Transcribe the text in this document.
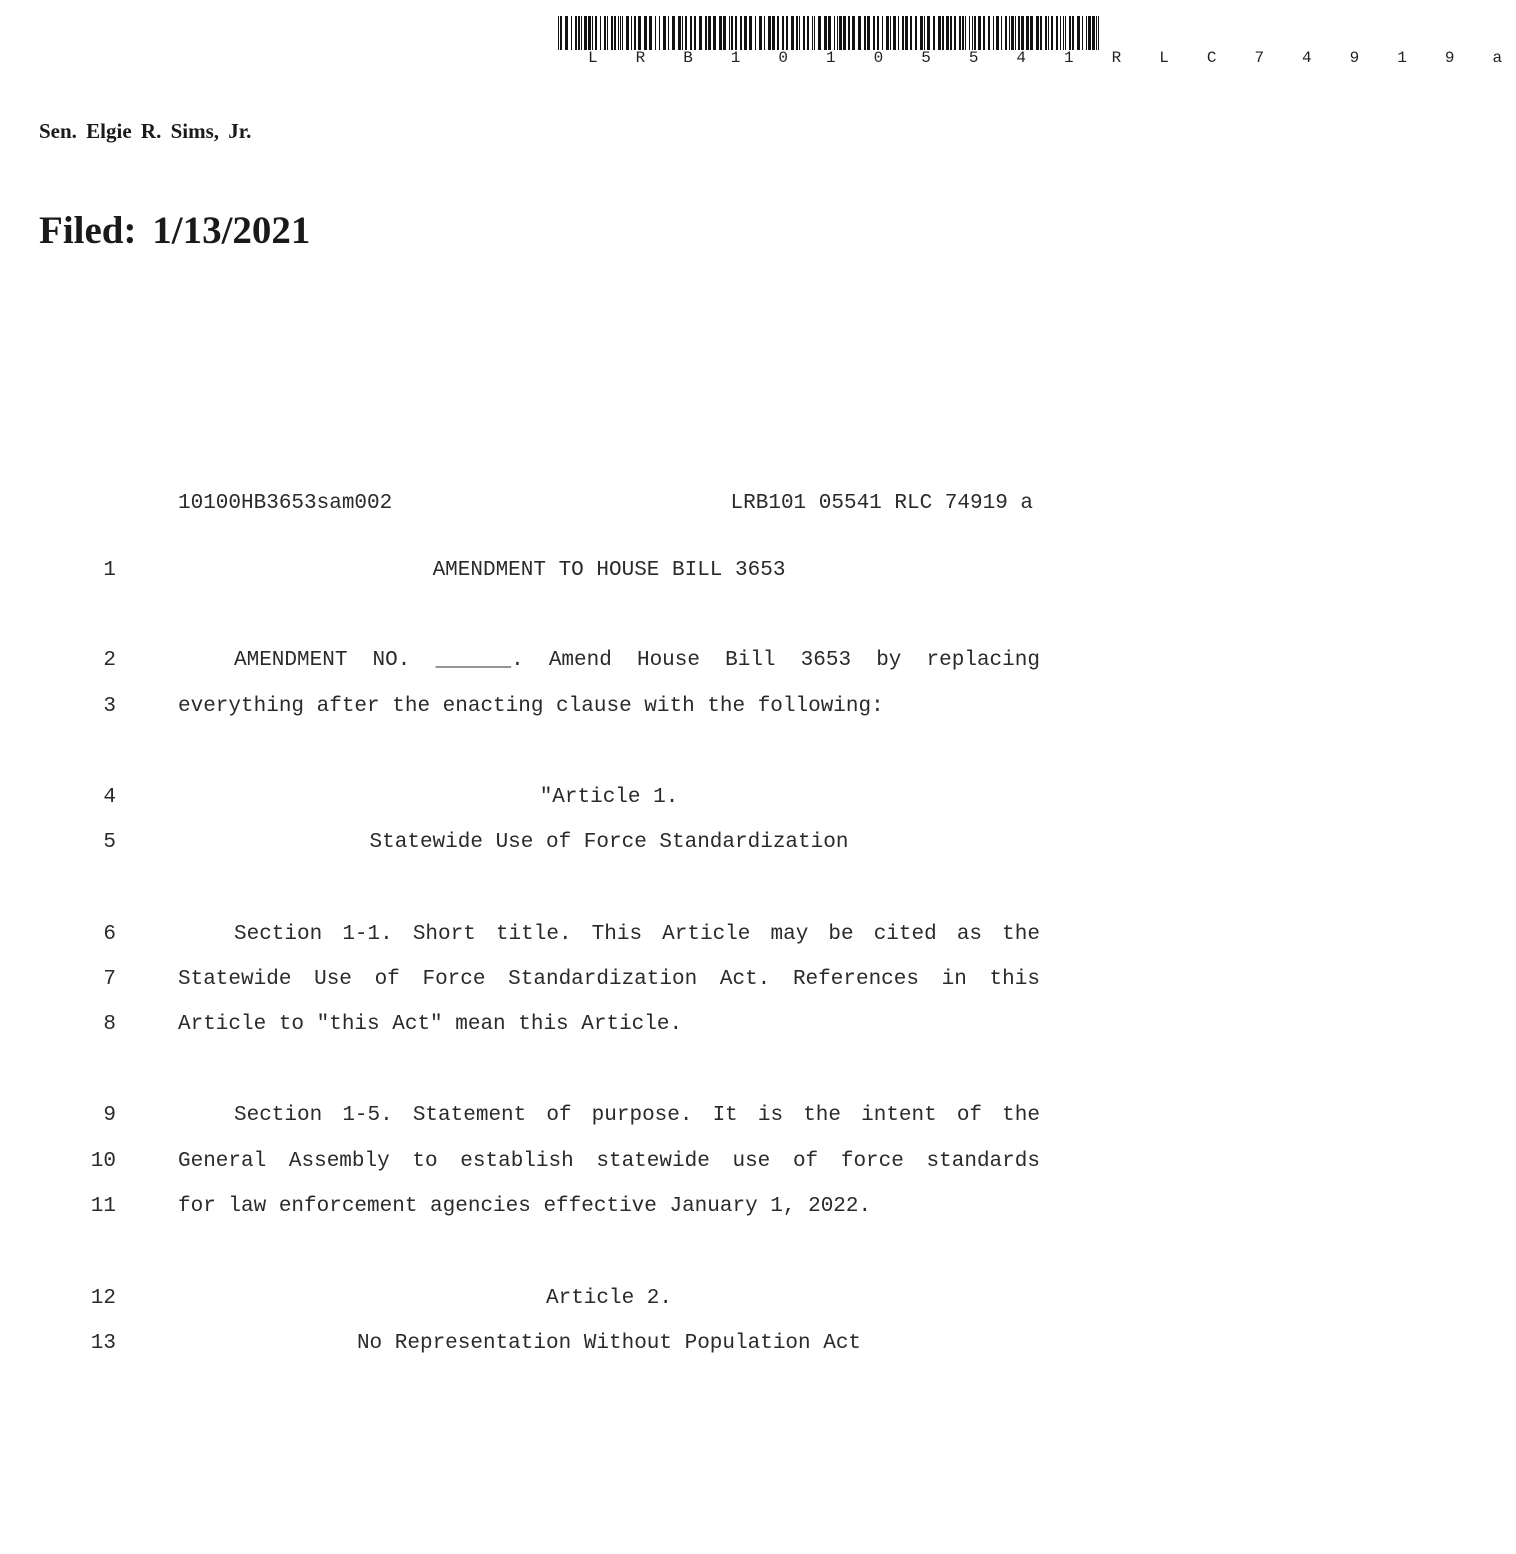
L R B 1 0 1 0 5 5 4 1 R L C 7 4 9 1 9 a
Sen. Elgie R. Sims, Jr.
Filed: 1/13/2021
10100HB3653sam002	LRB101 05541 RLC 74919 a
1	AMENDMENT TO HOUSE BILL 3653
2	AMENDMENT NO. ______. Amend House Bill 3653 by replacing
3	everything after the enacting clause with the following:
4	"Article 1.
5	Statewide Use of Force Standardization
6	Section 1-1. Short title. This Article may be cited as the
7	Statewide Use of Force Standardization Act. References in this
8	Article to "this Act" mean this Article.
9	Section 1-5. Statement of purpose. It is the intent of the
10	General Assembly to establish statewide use of force standards
11	for law enforcement agencies effective January 1, 2022.
12	Article 2.
13	No Representation Without Population Act
